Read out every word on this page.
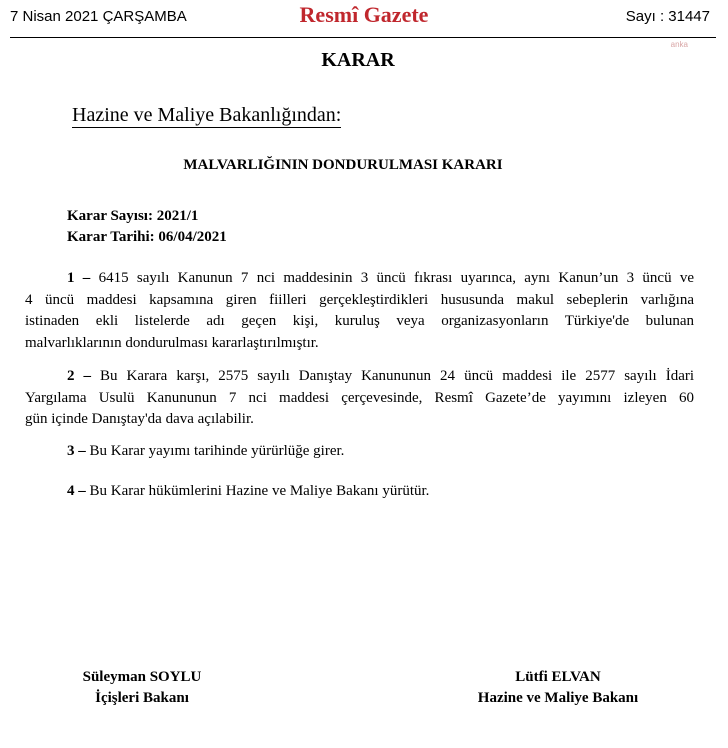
7 Nisan 2021 ÇARŞAMBA	Resmî Gazete	Sayı : 31447
anka
KARAR
Hazine ve Maliye Bakanlığından:
MALVARLIĞININ DONDURULMASI KARARI
Karar Sayısı: 2021/1
Karar Tarihi: 06/04/2021
1 – 6415 sayılı Kanunun 7 nci maddesinin 3 üncü fıkrası uyarınca, aynı Kanun’un 3 üncü ve
4 üncü maddesi kapsamına giren fiilleri gerçekleştirdikleri hususunda makul sebeplerin varlığına
istinaden ekli listelerde adı geçen kişi, kuruluş veya organizasyonların Türkiye'de bulunan
malvarlıklarının dondurulması kararlaştırılmıştır.
2 – Bu Karara karşı, 2575 sayılı Danıştay Kanununun 24 üncü maddesi ile 2577 sayılı İdari
Yargılama Usulü Kanununun 7 nci maddesi çerçevesinde, Resmî Gazete’de yayımını izleyen 60
gün içinde Danıştay'da dava açılabilir.
3 – Bu Karar yayımı tarihinde yürürlüğe girer.
4 – Bu Karar hükümlerini Hazine ve Maliye Bakanı yürütür.
Süleyman SOYLU
İçişleri Bakanı
Lütfi ELVAN
Hazine ve Maliye Bakanı
